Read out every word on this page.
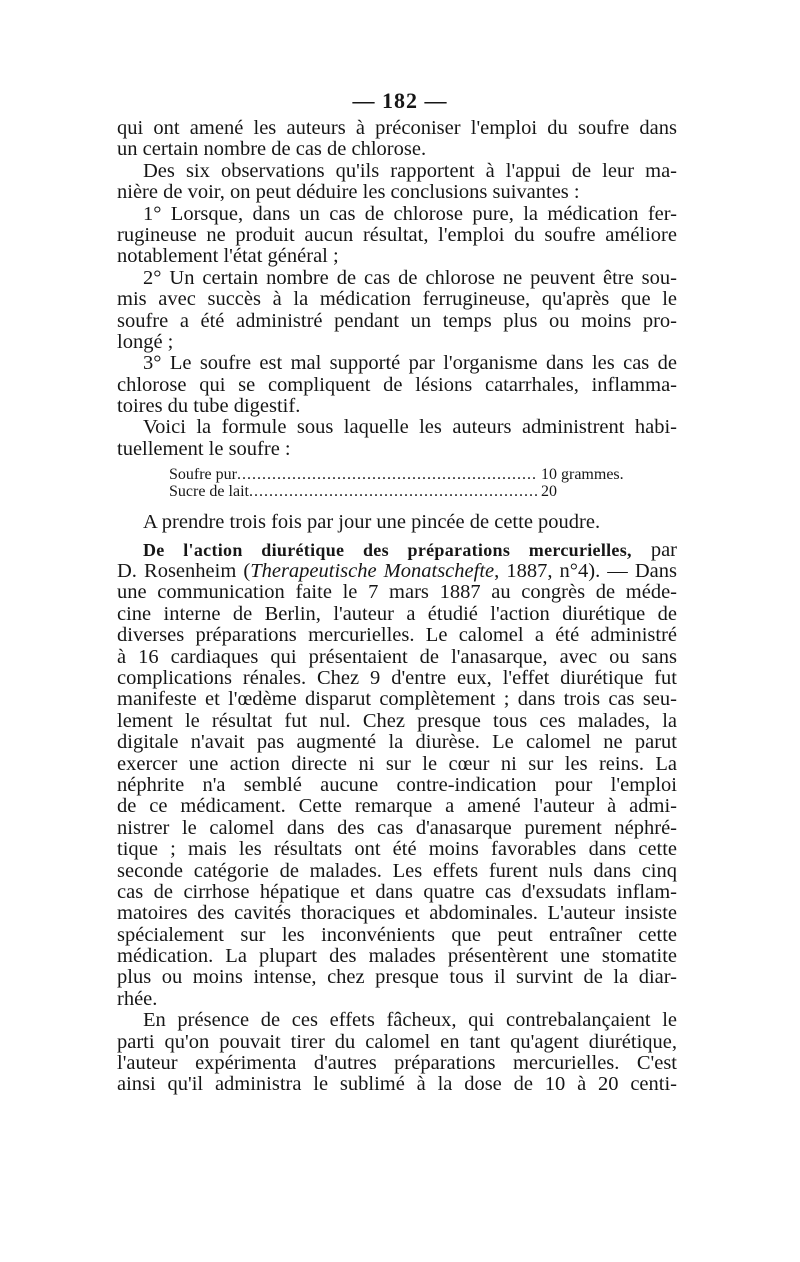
— 182 —
qui ont amené les auteurs à préconiser l'emploi du soufre dans
un certain nombre de cas de chlorose.
Des six observations qu'ils rapportent à l'appui de leur ma-
nière de voir, on peut déduire les conclusions suivantes :
1° Lorsque, dans un cas de chlorose pure, la médication fer-
rugineuse ne produit aucun résultat, l'emploi du soufre améliore
notablement l'état général ;
2° Un certain nombre de cas de chlorose ne peuvent être sou-
mis avec succès à la médication ferrugineuse, qu'après que le
soufre a été administré pendant un temps plus ou moins pro-
longé ;
3° Le soufre est mal supporté par l'organisme dans les cas de
chlorose qui se compliquent de lésions catarrhales, inflamma-
toires du tube digestif.
Voici la formule sous laquelle les auteurs administrent habi-
tuellement le soufre :
Soufre pur .....	10 grammes.
Sucre de lait .....	20
A prendre trois fois par jour une pincée de cette poudre.
De l'action diurétique des préparations mercurielles, par
D. Rosenheim (Therapeutische Monatschefte, 1887, n°4). — Dans
une communication faite le 7 mars 1887 au congrès de méde-
cine interne de Berlin, l'auteur a étudié l'action diurétique de
diverses préparations mercurielles. Le calomel a été administré
à 16 cardiaques qui présentaient de l'anasarque, avec ou sans
complications rénales. Chez 9 d'entre eux, l'effet diurétique fut
manifeste et l'œdème disparut complètement ; dans trois cas seu-
lement le résultat fut nul. Chez presque tous ces malades, la
digitale n'avait pas augmenté la diurèse. Le calomel ne parut
exercer une action directe ni sur le cœur ni sur les reins. La
néphrite n'a semblé aucune contre-indication pour l'emploi
de ce médicament. Cette remarque a amené l'auteur à admi-
nistrer le calomel dans des cas d'anasarque purement néphré-
tique ; mais les résultats ont été moins favorables dans cette
seconde catégorie de malades. Les effets furent nuls dans cinq
cas de cirrhose hépatique et dans quatre cas d'exsudats inflam-
matoires des cavités thoraciques et abdominales. L'auteur insiste
spécialement sur les inconvénients que peut entraîner cette
médication. La plupart des malades présentèrent une stomatite
plus ou moins intense, chez presque tous il survint de la diar-
rhée.
En présence de ces effets fâcheux, qui contrebalançaient le
parti qu'on pouvait tirer du calomel en tant qu'agent diurétique,
l'auteur expérimenta d'autres préparations mercurielles. C'est
ainsi qu'il administra le sublimé à la dose de 10 à 20 centi-
